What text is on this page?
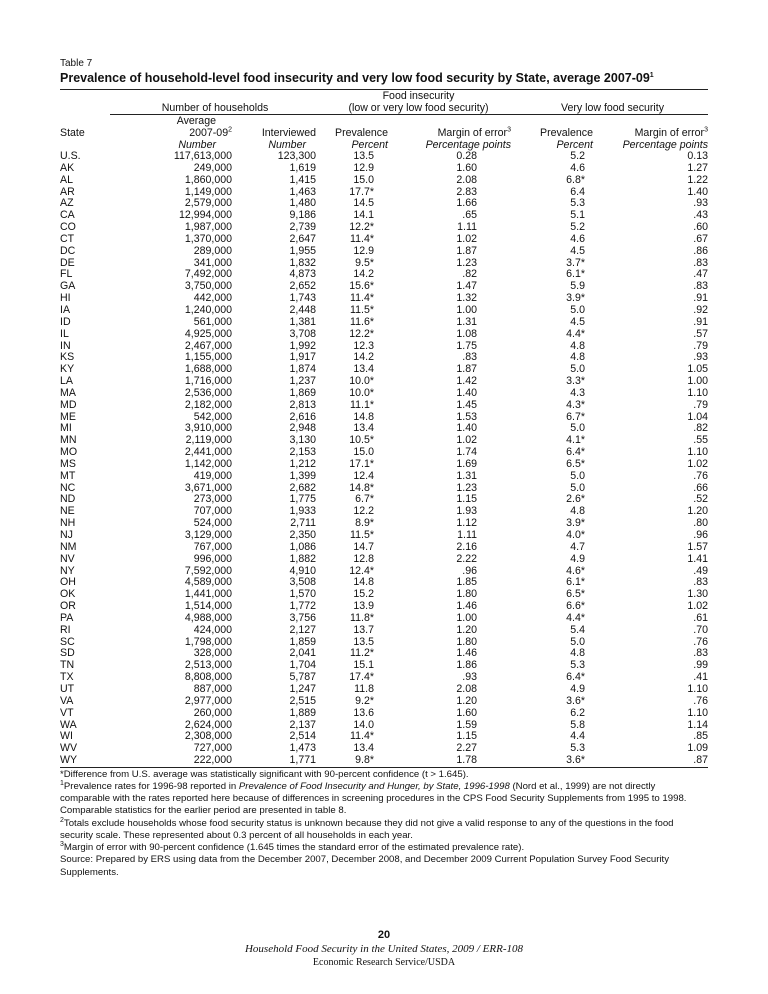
Table 7

Prevalence of household-level food insecurity and very low food security by State, average $2007-09^1$

			Food insecurity			
	Number of households		(low or very low food security)		Very low food security	
	Average					
State	$2007-09^2$	Interviewed	Prevalence	Margin of error$^3$	Prevalence	Margin of error$^3$
	Number	Number	Percent	Percentage points	Percent	Percentage points
U.S.	117,613,000	123,300	13.5	0.28	5.2	0.13
AK	249,000	1,619	12.9	1.60	4.6	1.27
AL	1,860,000	1,415	15.0	2.08	6.8*	1.22
AR	1,149,000	1,463	17.7*	2.83	6.4	1.40
AZ	2,579,000	1,480	14.5	1.66	5.3	.93
CA	12,994,000	9,186	14.1	.65	5.1	.43
CO	1,987,000	2,739	12.2*	1.11	5.2	.60
CT	1,370,000	2,647	11.4*	1.02	4.6	.67
DC	289,000	1,955	12.9	1.87	4.5	.86
DE	341,000	1,832	9.5*	1.23	3.7*	.83
FL	7,492,000	4,873	14.2	.82	6.1*	.47
GA	3,750,000	2,652	15.6*	1.47	5.9	.83
HI	442,000	1,743	11.4*	1.32	3.9*	.91
IA	1,240,000	2,448	11.5*	1.00	5.0	.92
ID	561,000	1,381	11.6*	1.31	4.5	.91
IL	4,925,000	3,708	12.2*	1.08	4.4*	.57
IN	2,467,000	1,992	12.3	1.75	4.8	.79
KS	1,155,000	1,917	14.2	.83	4.8	.93
KY	1,688,000	1,874	13.4	1.87	5.0	1.05
LA	1,716,000	1,237	10.0*	1.42	3.3*	1.00
MA	2,536,000	1,869	10.0*	1.40	4.3	1.10
MD	2,182,000	2,813	11.1*	1.45	4.3*	.79
ME	542,000	2,616	14.8	1.53	6.7*	1.04
MI	3,910,000	2,948	13.4	1.40	5.0	.82
MN	2,119,000	3,130	10.5*	1.02	4.1*	.55
MO	2,441,000	2,153	15.0	1.74	6.4*	1.10
MS	1,142,000	1,212	17.1*	1.69	6.5*	1.02
MT	419,000	1,399	12.4	1.31	5.0	.76
NC	3,671,000	2,682	14.8*	1.23	5.0	.66
ND	273,000	1,775	6.7*	1.15	2.6*	.52
NE	707,000	1,933	12.2	1.93	4.8	1.20
NH	524,000	2,711	8.9*	1.12	3.9*	.80
NJ	3,129,000	2,350	11.5*	1.11	4.0*	.96
NM	767,000	1,086	14.7	2.16	4.7	1.57
NV	996,000	1,882	12.8	2.22	4.9	1.41
NY	7,592,000	4,910	12.4*	.96	4.6*	.49
OH	4,589,000	3,508	14.8	1.85	6.1*	.83
OK	1,441,000	1,570	15.2	1.80	6.5*	1.30
OR	1,514,000	1,772	13.9	1.46	6.6*	1.02
PA	4,988,000	3,756	11.8*	1.00	4.4*	.61
RI	424,000	2,127	13.7	1.20	5.4	.70
SC	1,798,000	1,859	13.5	1.80	5.0	.76
SD	328,000	2,041	11.2*	1.46	4.8	.83
TN	2,513,000	1,704	15.1	1.86	5.3	.99
TX	8,808,000	5,787	17.4*	.93	6.4*	.41
UT	887,000	1,247	11.8	2.08	4.9	1.10
VA	2,977,000	2,515	9.2*	1.20	3.6*	.76
VT	260,000	1,889	13.6	1.60	6.2	1.10
WA	2,624,000	2,137	14.0	1.59	5.8	1.14
WI	2,308,000	2,514	11.4*	1.15	4.4	.85
WV	727,000	1,473	13.4	2.27	5.3	1.09
WY	222,000	1,771	9.8*	1.78	3.6*	.87

*Difference from U.S. average was statistically significant with 90-percent confidence (t > 1.645).

$^1$Prevalence rates for 1996-98 reported in Prevalence of Food Insecurity and Hunger, by State, 1996-1998 (Nord et al., 1999) are not directly comparable with the rates reported here because of differences in screening procedures in the CPS Food Security Supplements from 1995 to 1998. Comparable statistics for the earlier period are presented in table 8.

$^2$Totals exclude households whose food security status is unknown because they did not give a valid response to any of the questions in the food security scale. These represented about 0.3 percent of all households in each year.

$^3$Margin of error with 90-percent confidence (1.645 times the standard error of the estimated prevalence rate).

Source: Prepared by ERS using data from the December 2007, December 2008, and December 2009 Current Population Survey Food Security Supplements.

20
Household Food Security in the United States, 2009 / ERR-108
Economic Research Service/USDA
